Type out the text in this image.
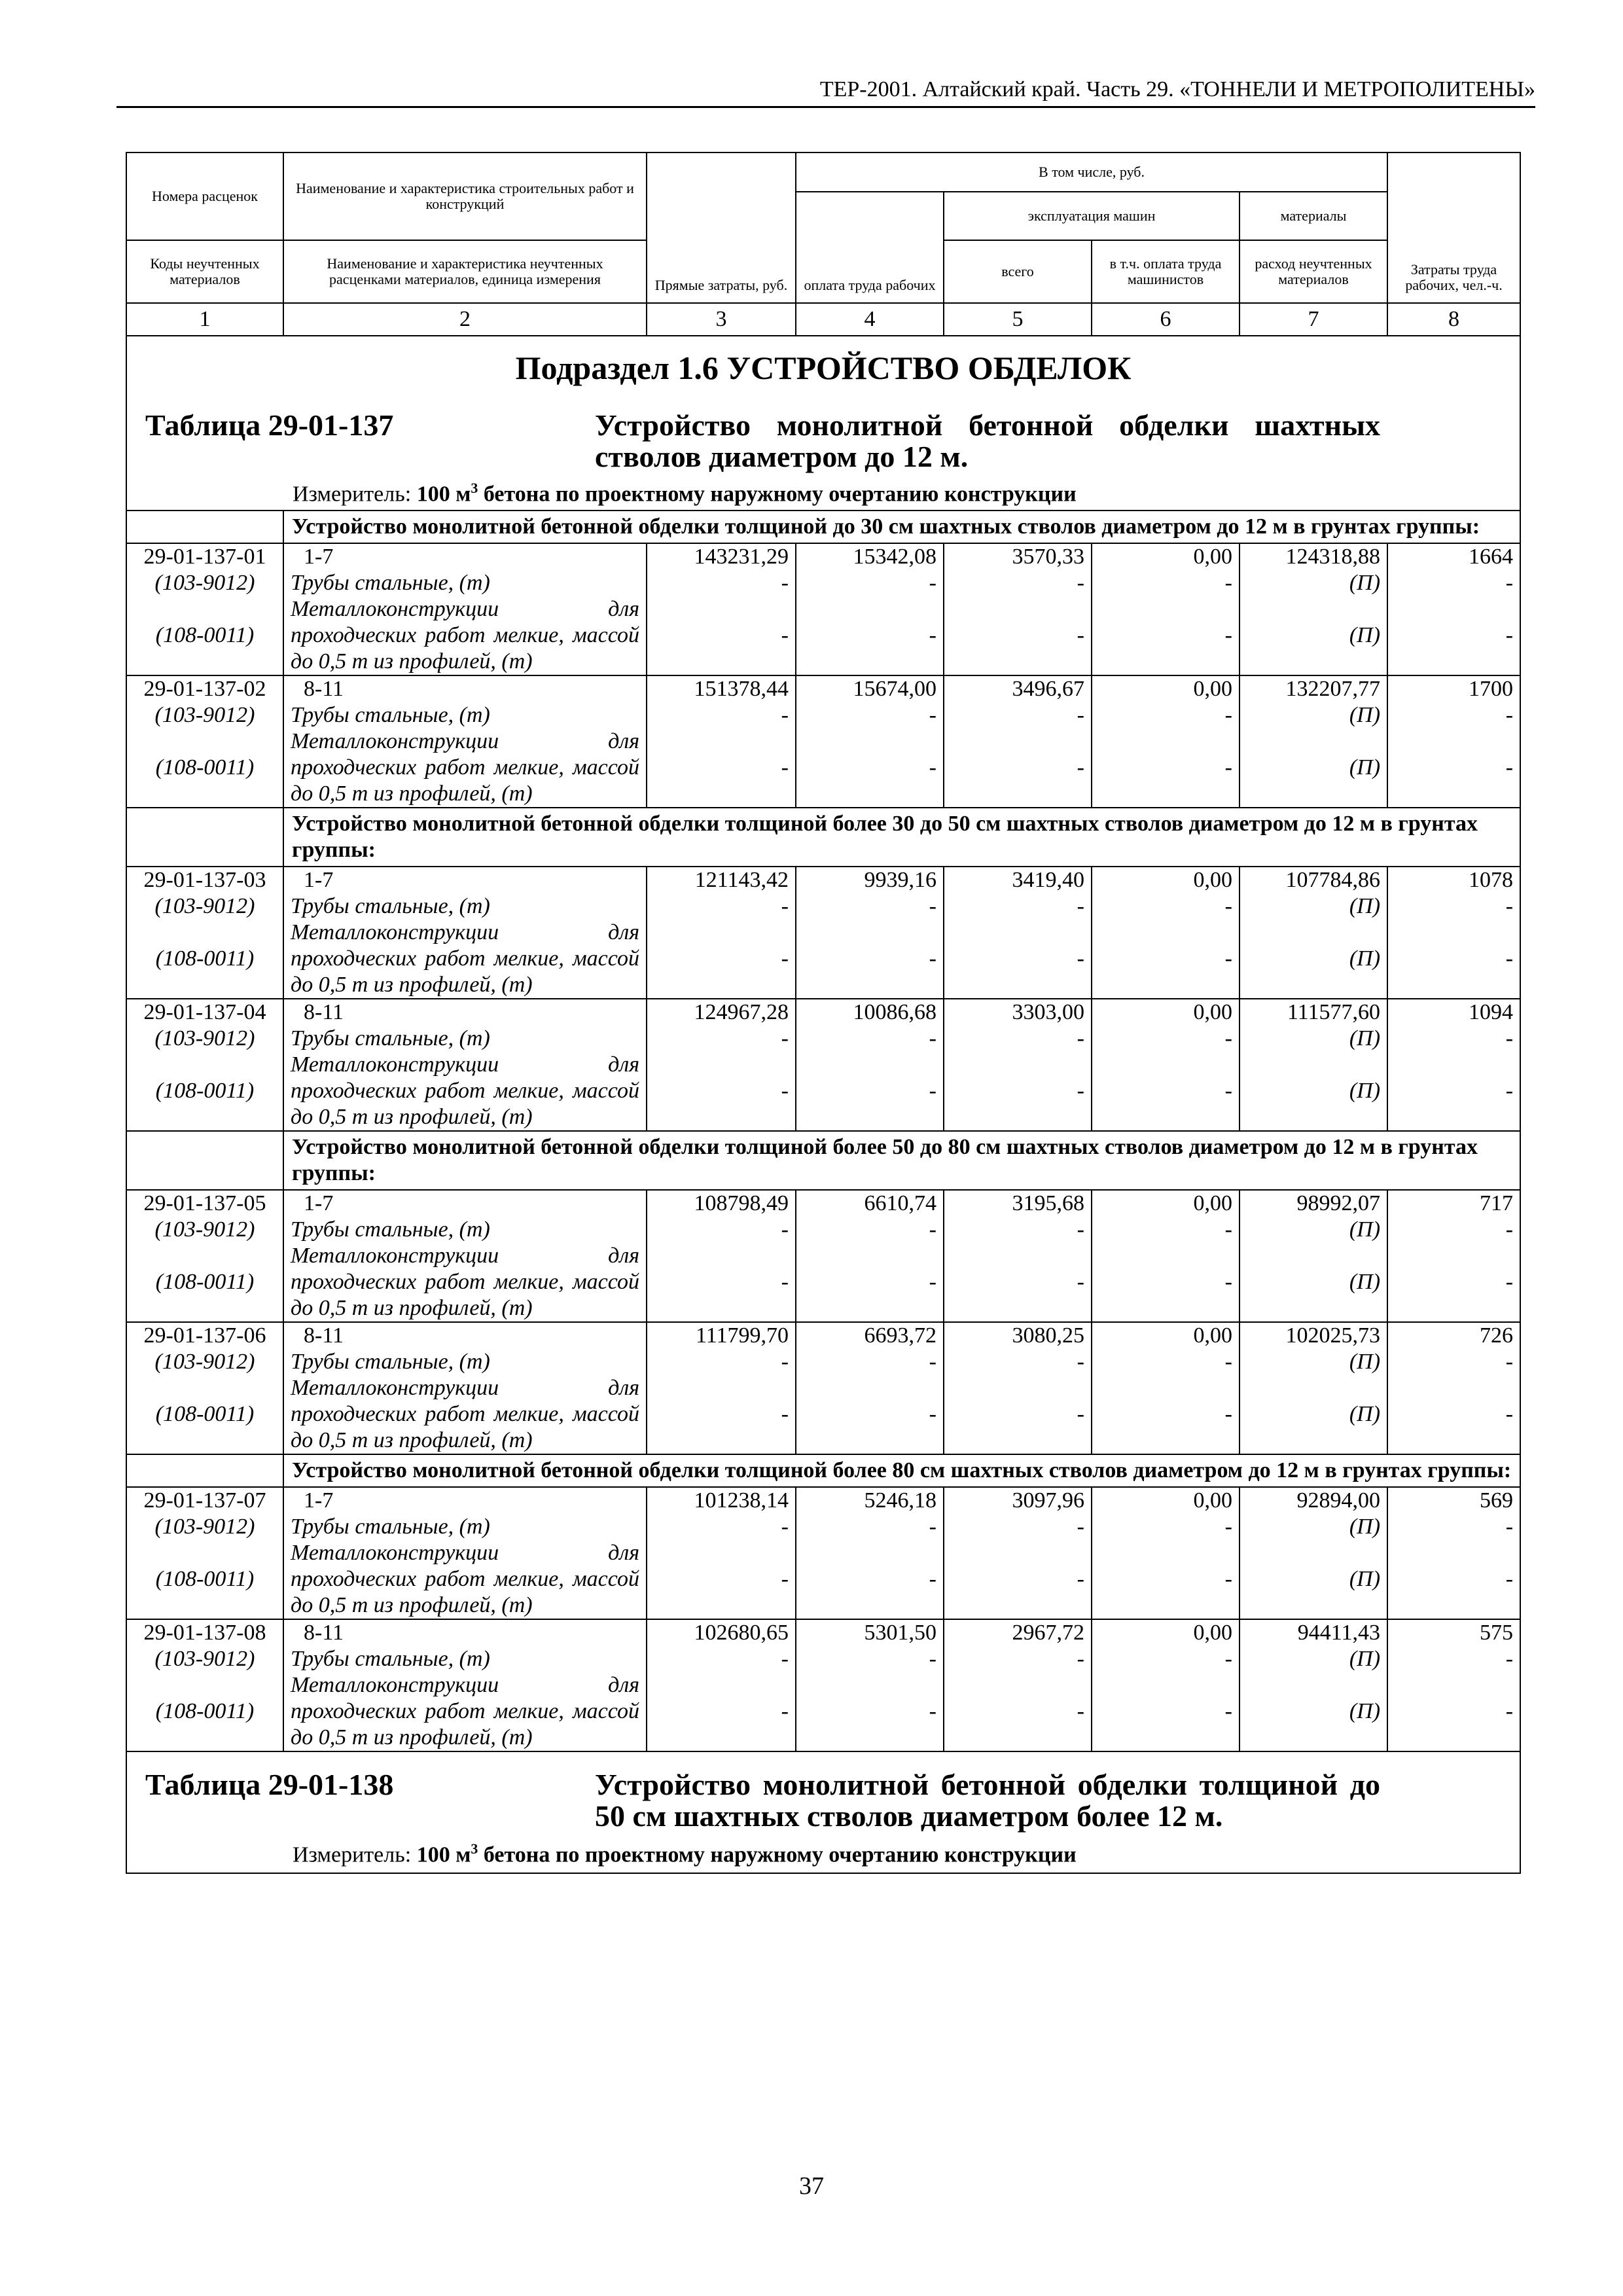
ТЕР-2001. Алтайский край. Часть 29. «ТОННЕЛИ И МЕТРОПОЛИТЕНЫ»
Номера расценок	Наименование и характеристика строительных работ и конструкций	Прямые затраты, руб.	В том числе, руб.				Затраты труда рабочих, чел.-ч.
			оплата труда рабочих	эксплуатация машин		материалы	
Коды неучтенных материалов	Наименование и характеристика неучтенных расценками материалов, единица измерения			всего	в т.ч. оплата труда машинистов	расход неучтенных материалов	
1	2	3	4	5	6	7	8

Подраздел 1.6 УСТРОЙСТВО ОБДЕЛОК
Таблица 29-01-137 Устройство монолитной бетонной обделки шахтных стволов диаметром до 12 м.
Измеритель: 100 $м^3$ бетона по проектному наружному очертанию конструкции							

	Устройство монолитной бетонной обделки толщиной до 30 см шахтных стволов диаметром до 12 м в грунтах группы:						
29-01-137-01	1-7	143231,29	15342,08	3570,33	0,00	124318,88	1664
(103-9012)	Трубы стальные, (т)	-	-	-	-	(П)	-
(108-0011)	Металлоконструкции для проходческих работ мелкие, массой до 0,5 т из профилей, (т)	-	-	-	-	(П)	-
29-01-137-02	8-11	151378,44	15674,00	3496,67	0,00	132207,77	1700
(103-9012)	Трубы стальные, (т)	-	-	-	-	(П)	-
(108-0011)	Металлоконструкции для проходческих работ мелкие, массой до 0,5 т из профилей, (т)	-	-	-	-	(П)	-
	Устройство монолитной бетонной обделки толщиной более 30 до 50 см шахтных стволов диаметром до 12 м в грунтах группы:						
29-01-137-03	1-7	121143,42	9939,16	3419,40	0,00	107784,86	1078
(103-9012)	Трубы стальные, (т)	-	-	-	-	(П)	-
(108-0011)	Металлоконструкции для проходческих работ мелкие, массой до 0,5 т из профилей, (т)	-	-	-	-	(П)	-
29-01-137-04	8-11	124967,28	10086,68	3303,00	0,00	111577,60	1094
(103-9012)	Трубы стальные, (т)	-	-	-	-	(П)	-
(108-0011)	Металлоконструкции для проходческих работ мелкие, массой до 0,5 т из профилей, (т)	-	-	-	-	(П)	-
	Устройство монолитной бетонной обделки толщиной более 50 до 80 см шахтных стволов диаметром до 12 м в грунтах группы:						
29-01-137-05	1-7	108798,49	6610,74	3195,68	0,00	98992,07	717
(103-9012)	Трубы стальные, (т)	-	-	-	-	(П)	-
(108-0011)	Металлоконструкции для проходческих работ мелкие, массой до 0,5 т из профилей, (т)	-	-	-	-	(П)	-
29-01-137-06	8-11	111799,70	6693,72	3080,25	0,00	102025,73	726
(103-9012)	Трубы стальные, (т)	-	-	-	-	(П)	-
(108-0011)	Металлоконструкции для проходческих работ мелкие, массой до 0,5 т из профилей, (т)	-	-	-	-	(П)	-
	Устройство монолитной бетонной обделки толщиной более 80 см шахтных стволов диаметром до 12 м в грунтах группы:						
29-01-137-07	1-7	101238,14	5246,18	3097,96	0,00	92894,00	569
(103-9012)	Трубы стальные, (т)	-	-	-	-	(П)	-
(108-0011)	Металлоконструкции для проходческих работ мелкие, массой до 0,5 т из профилей, (т)	-	-	-	-	(П)	-
29-01-137-08	8-11	102680,65	5301,50	2967,72	0,00	94411,43	575
(103-9012)	Трубы стальные, (т)	-	-	-	-	(П)	-
(108-0011)	Металлоконструкции для проходческих работ мелкие, массой до 0,5 т из профилей, (т)	-	-	-	-	(П)	-

Таблица 29-01-138 Устройство монолитной бетонной обделки толщиной до 50 см шахтных стволов диаметром более 12 м.
Измеритель: 100 $м^3$ бетона по проектному наружному очертанию конструкции							
37
